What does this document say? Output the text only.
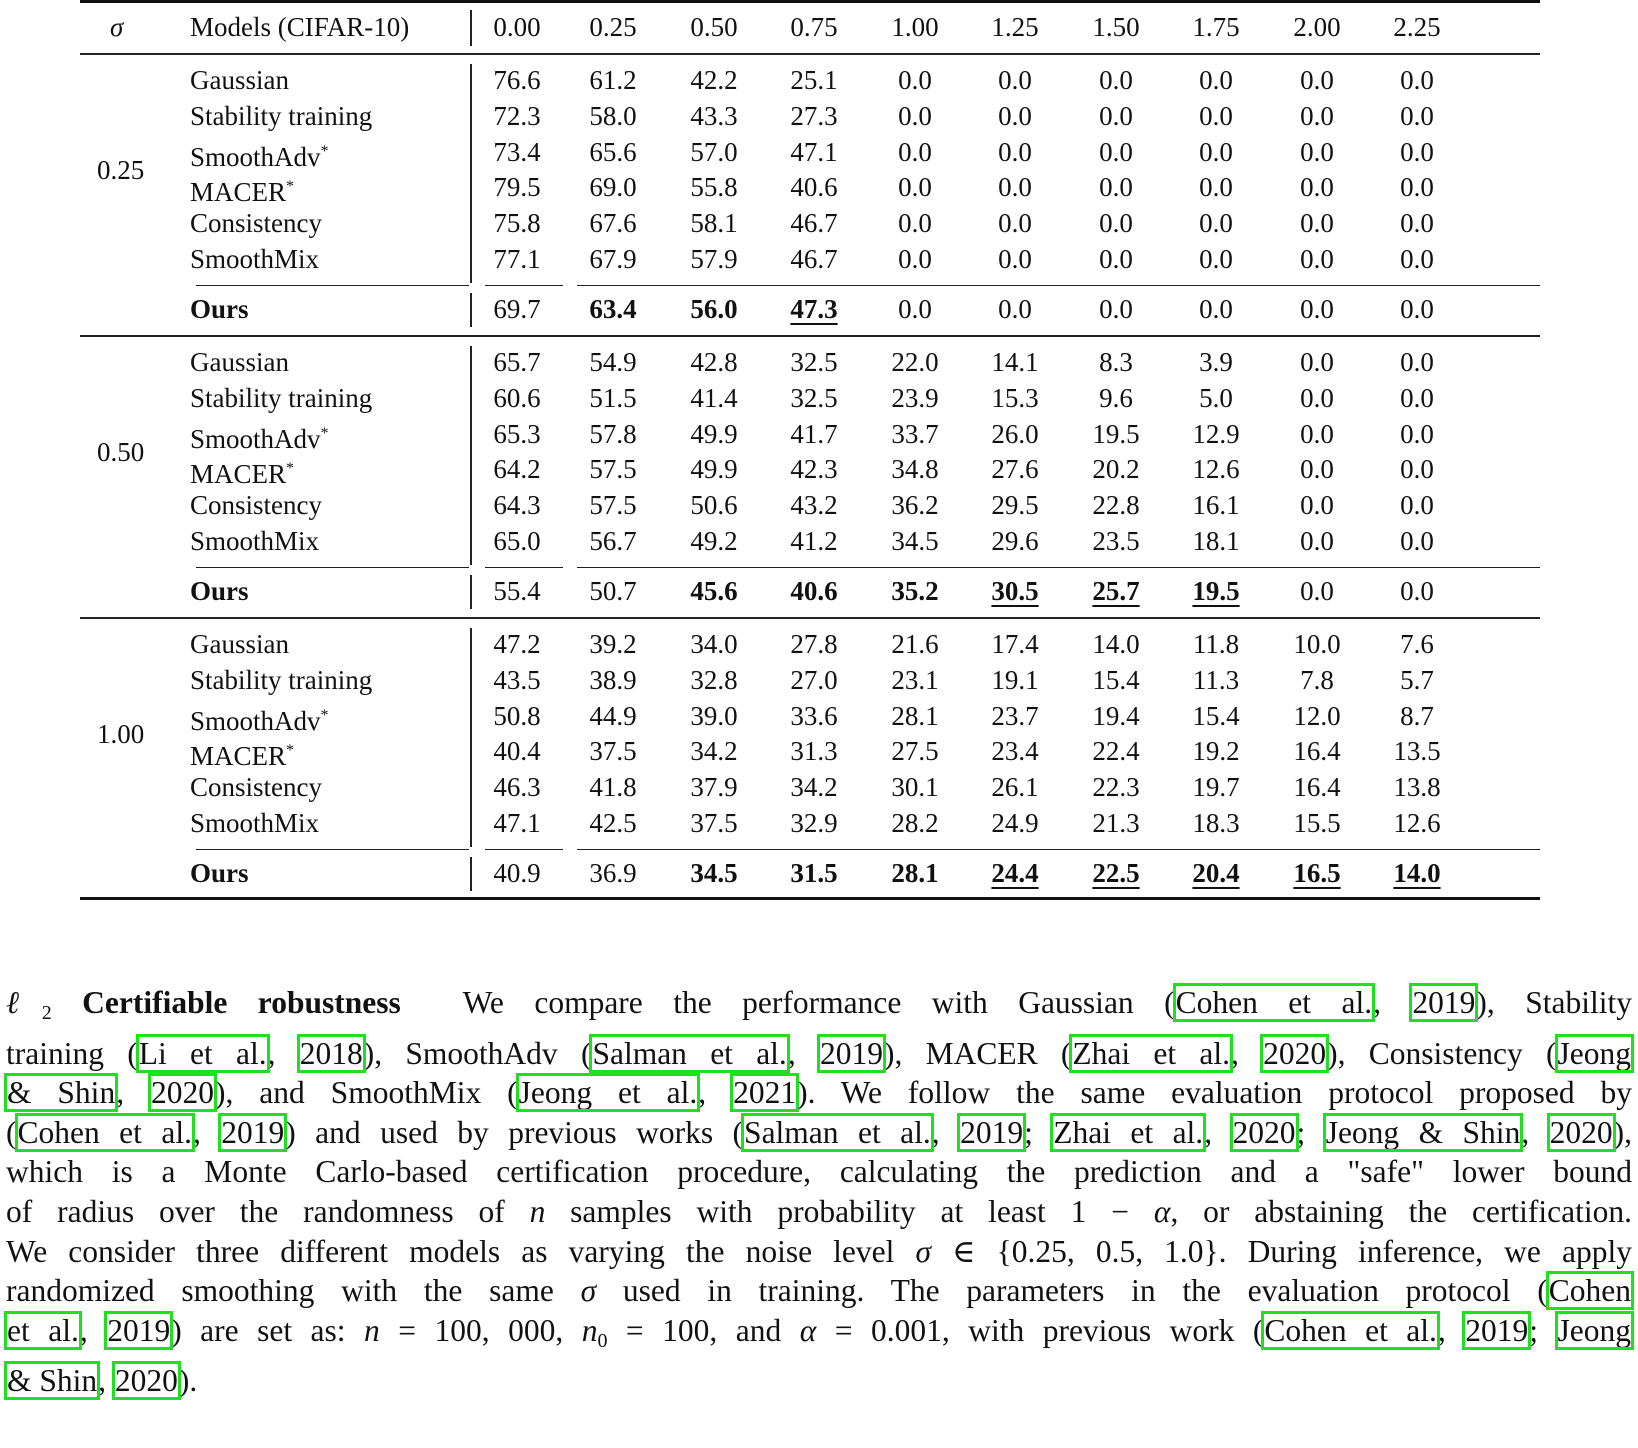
σ Models (CIFAR-10)	0.00	0.25	0.50	0.75	1.00	1.25	1.50	1.75	2.00	2.25
0.25
Gaussian	76.6	61.2	42.2	25.1	0.0	0.0	0.0	0.0	0.0	0.0
Stability training	72.3	58.0	43.3	27.3	0.0	0.0	0.0	0.0	0.0	0.0
SmoothAdv*	73.4	65.6	57.0	47.1	0.0	0.0	0.0	0.0	0.0	0.0
MACER*	79.5	69.0	55.8	40.6	0.0	0.0	0.0	0.0	0.0	0.0
Consistency	75.8	67.6	58.1	46.7	0.0	0.0	0.0	0.0	0.0	0.0
SmoothMix	77.1	67.9	57.9	46.7	0.0	0.0	0.0	0.0	0.0	0.0
Ours	69.7	63.4	56.0	47.3	0.0	0.0	0.0	0.0	0.0	0.0
0.50
Gaussian	65.7	54.9	42.8	32.5	22.0	14.1	8.3	3.9	0.0	0.0
Stability training	60.6	51.5	41.4	32.5	23.9	15.3	9.6	5.0	0.0	0.0
SmoothAdv*	65.3	57.8	49.9	41.7	33.7	26.0	19.5	12.9	0.0	0.0
MACER*	64.2	57.5	49.9	42.3	34.8	27.6	20.2	12.6	0.0	0.0
Consistency	64.3	57.5	50.6	43.2	36.2	29.5	22.8	16.1	0.0	0.0
SmoothMix	65.0	56.7	49.2	41.2	34.5	29.6	23.5	18.1	0.0	0.0
Ours	55.4	50.7	45.6	40.6	35.2	30.5	25.7	19.5	0.0	0.0
1.00
Gaussian	47.2	39.2	34.0	27.8	21.6	17.4	14.0	11.8	10.0	7.6
Stability training	43.5	38.9	32.8	27.0	23.1	19.1	15.4	11.3	7.8	5.7
SmoothAdv*	50.8	44.9	39.0	33.6	28.1	23.7	19.4	15.4	12.0	8.7
MACER*	40.4	37.5	34.2	31.3	27.5	23.4	22.4	19.2	16.4	13.5
Consistency	46.3	41.8	37.9	34.2	30.1	26.1	22.3	19.7	16.4	13.8
SmoothMix	47.1	42.5	37.5	32.9	28.2	24.9	21.3	18.3	15.5	12.6
Ours	40.9	36.9	34.5	31.5	28.1	24.4	22.5	20.4	16.5	14.0
ℓ$_2$ Certifiable robustness  We compare the performance with Gaussian (Cohen et al., 2019), Stability
training (Li et al., 2018), SmoothAdv (Salman et al., 2019), MACER (Zhai et al., 2020), Consistency (Jeong
& Shin, 2020), and SmoothMix (Jeong et al., 2021). We follow the same evaluation protocol proposed by
(Cohen et al., 2019) and used by previous works (Salman et al., 2019; Zhai et al., 2020; Jeong & Shin, 2020),
which is a Monte Carlo-based certification procedure, calculating the prediction and a "safe" lower bound
of radius over the randomness of n samples with probability at least 1 − α, or abstaining the certification.
We consider three different models as varying the noise level σ ∈ {0.25, 0.5, 1.0}. During inference, we apply
randomized smoothing with the same σ used in training. The parameters in the evaluation protocol (Cohen
et al., 2019) are set as: n = 100, 000, $n_0 = 100$, and α = 0.001, with previous work (Cohen et al., 2019; Jeong
& Shin, 2020).
